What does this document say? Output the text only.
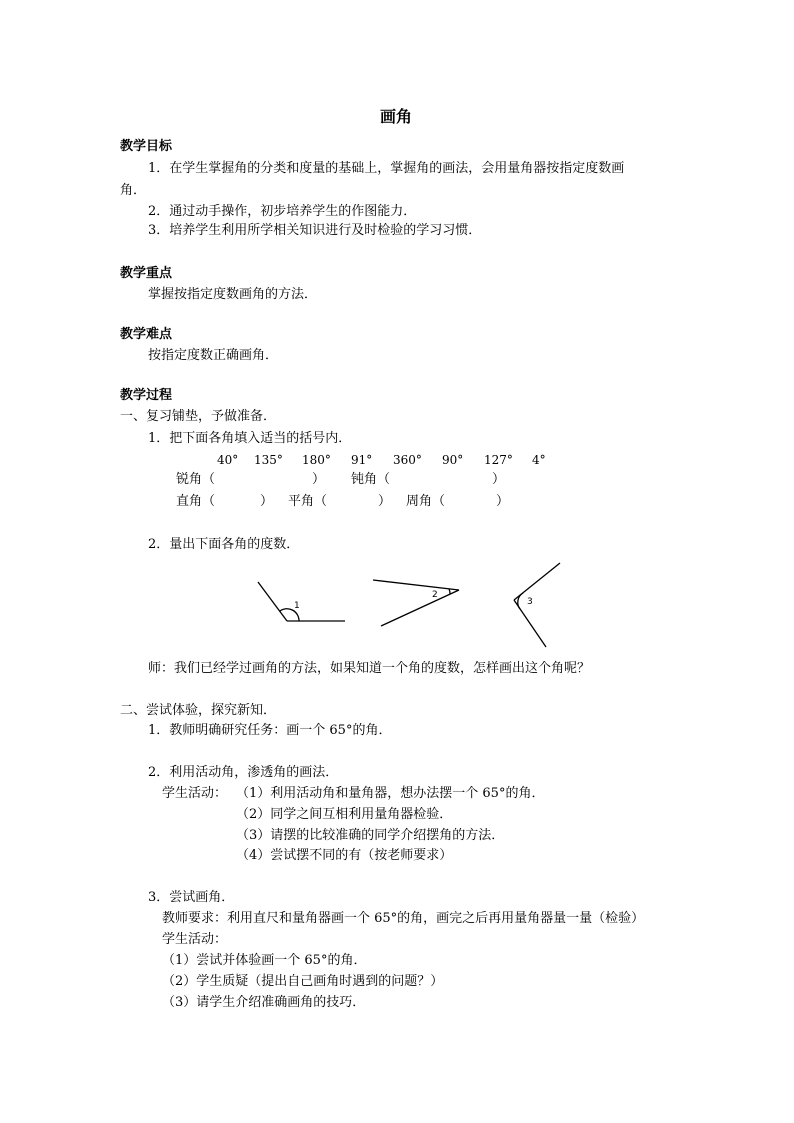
画角
教学目标
1．在学生掌握角的分类和度量的基础上，掌握角的画法，会用量角器按指定度数画
角．
2．通过动手操作，初步培养学生的作图能力．
3．培养学生利用所学相关知识进行及时检验的学习习惯．
教学重点
掌握按指定度数画角的方法．
教学难点
按指定度数正确画角．
教学过程
一、复习铺垫，予做准备．
1．把下面各角填入适当的括号内．
40° 135° 180° 91° 360° 90° 127° 4°
锐角（	） 钝角（	）
直角（	） 平角（	） 周角（	）
2．量出下面各角的度数．
1
2
3
师：我们已经学过画角的方法，如果知道一个角的度数，怎样画出这个角呢？
二、尝试体验，探究新知．
1．教师明确研究任务：画一个 65°的角．
2．利用活动角，渗透角的画法．
学生活动： （1）利用活动角和量角器，想办法摆一个 65°的角．
（2）同学之间互相利用量角器检验．
（3）请摆的比较准确的同学介绍摆角的方法．
（4）尝试摆不同的有（按老师要求）
3．尝试画角．
教师要求：利用直尺和量角器画一个 65°的角，画完之后再用量角器量一量（检验）
学生活动：
（1）尝试并体验画一个 65°的角．
（2）学生质疑（提出自己画角时遇到的问题？）
（3）请学生介绍准确画角的技巧．
